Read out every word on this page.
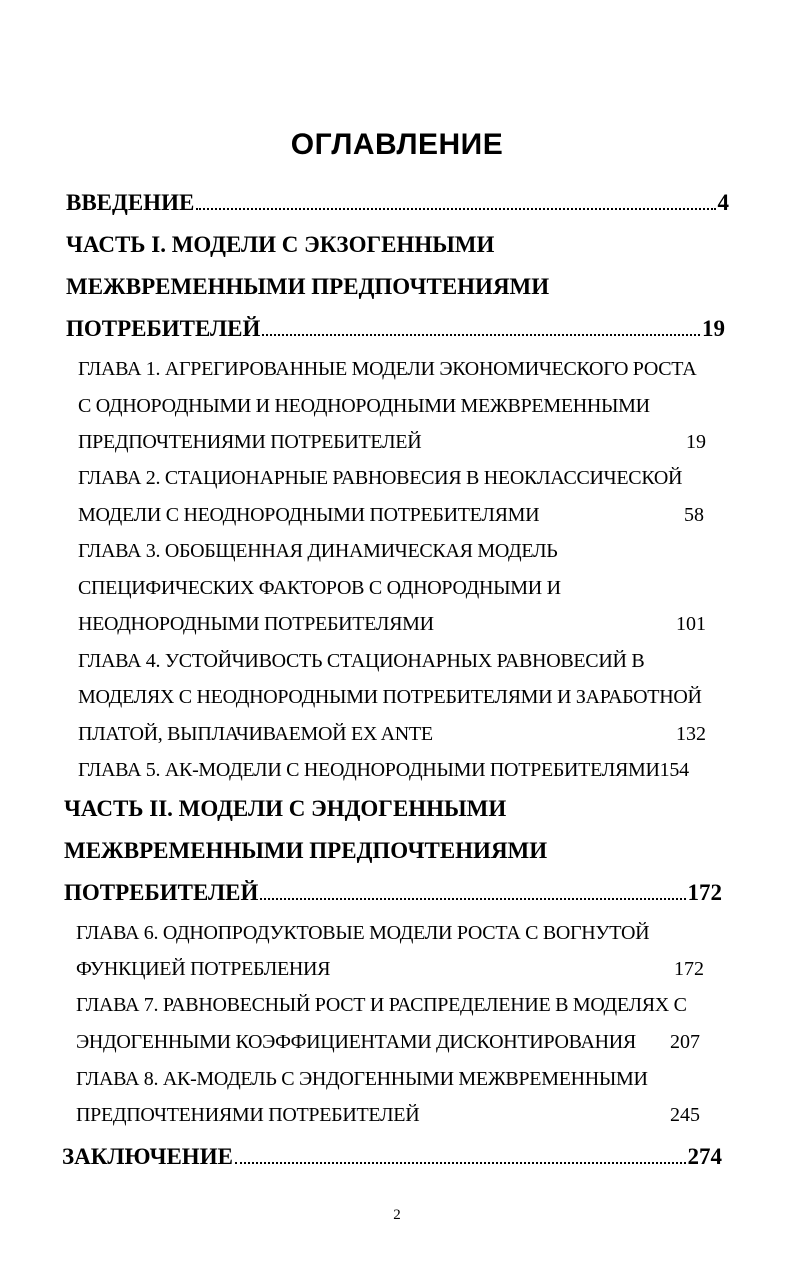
ОГЛАВЛЕНИЕ
ВВЕДЕНИЕ	4
ЧАСТЬ I. МОДЕЛИ С ЭКЗОГЕННЫМИ
МЕЖВРЕМЕННЫМИ ПРЕДПОЧТЕНИЯМИ
ПОТРЕБИТЕЛЕЙ	19
ГЛАВА 1. АГРЕГИРОВАННЫЕ МОДЕЛИ ЭКОНОМИЧЕСКОГО РОСТА
С ОДНОРОДНЫМИ И НЕОДНОРОДНЫМИ МЕЖВРЕМЕННЫМИ
ПРЕДПОЧТЕНИЯМИ ПОТРЕБИТЕЛЕЙ	19
ГЛАВА 2. СТАЦИОНАРНЫЕ РАВНОВЕСИЯ В НЕОКЛАССИЧЕСКОЙ
МОДЕЛИ С НЕОДНОРОДНЫМИ ПОТРЕБИТЕЛЯМИ	58
ГЛАВА 3. ОБОБЩЕННАЯ ДИНАМИЧЕСКАЯ МОДЕЛЬ
СПЕЦИФИЧЕСКИХ ФАКТОРОВ С ОДНОРОДНЫМИ И
НЕОДНОРОДНЫМИ ПОТРЕБИТЕЛЯМИ	101
ГЛАВА 4. УСТОЙЧИВОСТЬ СТАЦИОНАРНЫХ РАВНОВЕСИЙ В
МОДЕЛЯХ С НЕОДНОРОДНЫМИ ПОТРЕБИТЕЛЯМИ И ЗАРАБОТНОЙ
ПЛАТОЙ, ВЫПЛАЧИВАЕМОЙ EX ANTE	132
ГЛАВА 5. АК-МОДЕЛИ С НЕОДНОРОДНЫМИ ПОТРЕБИТЕЛЯМИ154
ЧАСТЬ II. МОДЕЛИ С ЭНДОГЕННЫМИ
МЕЖВРЕМЕННЫМИ ПРЕДПОЧТЕНИЯМИ
ПОТРЕБИТЕЛЕЙ	172
ГЛАВА 6. ОДНОПРОДУКТОВЫЕ МОДЕЛИ РОСТА С ВОГНУТОЙ
ФУНКЦИЕЙ ПОТРЕБЛЕНИЯ	172
ГЛАВА 7. РАВНОВЕСНЫЙ РОСТ И РАСПРЕДЕЛЕНИЕ В МОДЕЛЯХ С
ЭНДОГЕННЫМИ КОЭФФИЦИЕНТАМИ ДИСКОНТИРОВАНИЯ 207
ГЛАВА 8. АК-МОДЕЛЬ С ЭНДОГЕННЫМИ МЕЖВРЕМЕННЫМИ
ПРЕДПОЧТЕНИЯМИ ПОТРЕБИТЕЛЕЙ	245
ЗАКЛЮЧЕНИЕ	274
2
